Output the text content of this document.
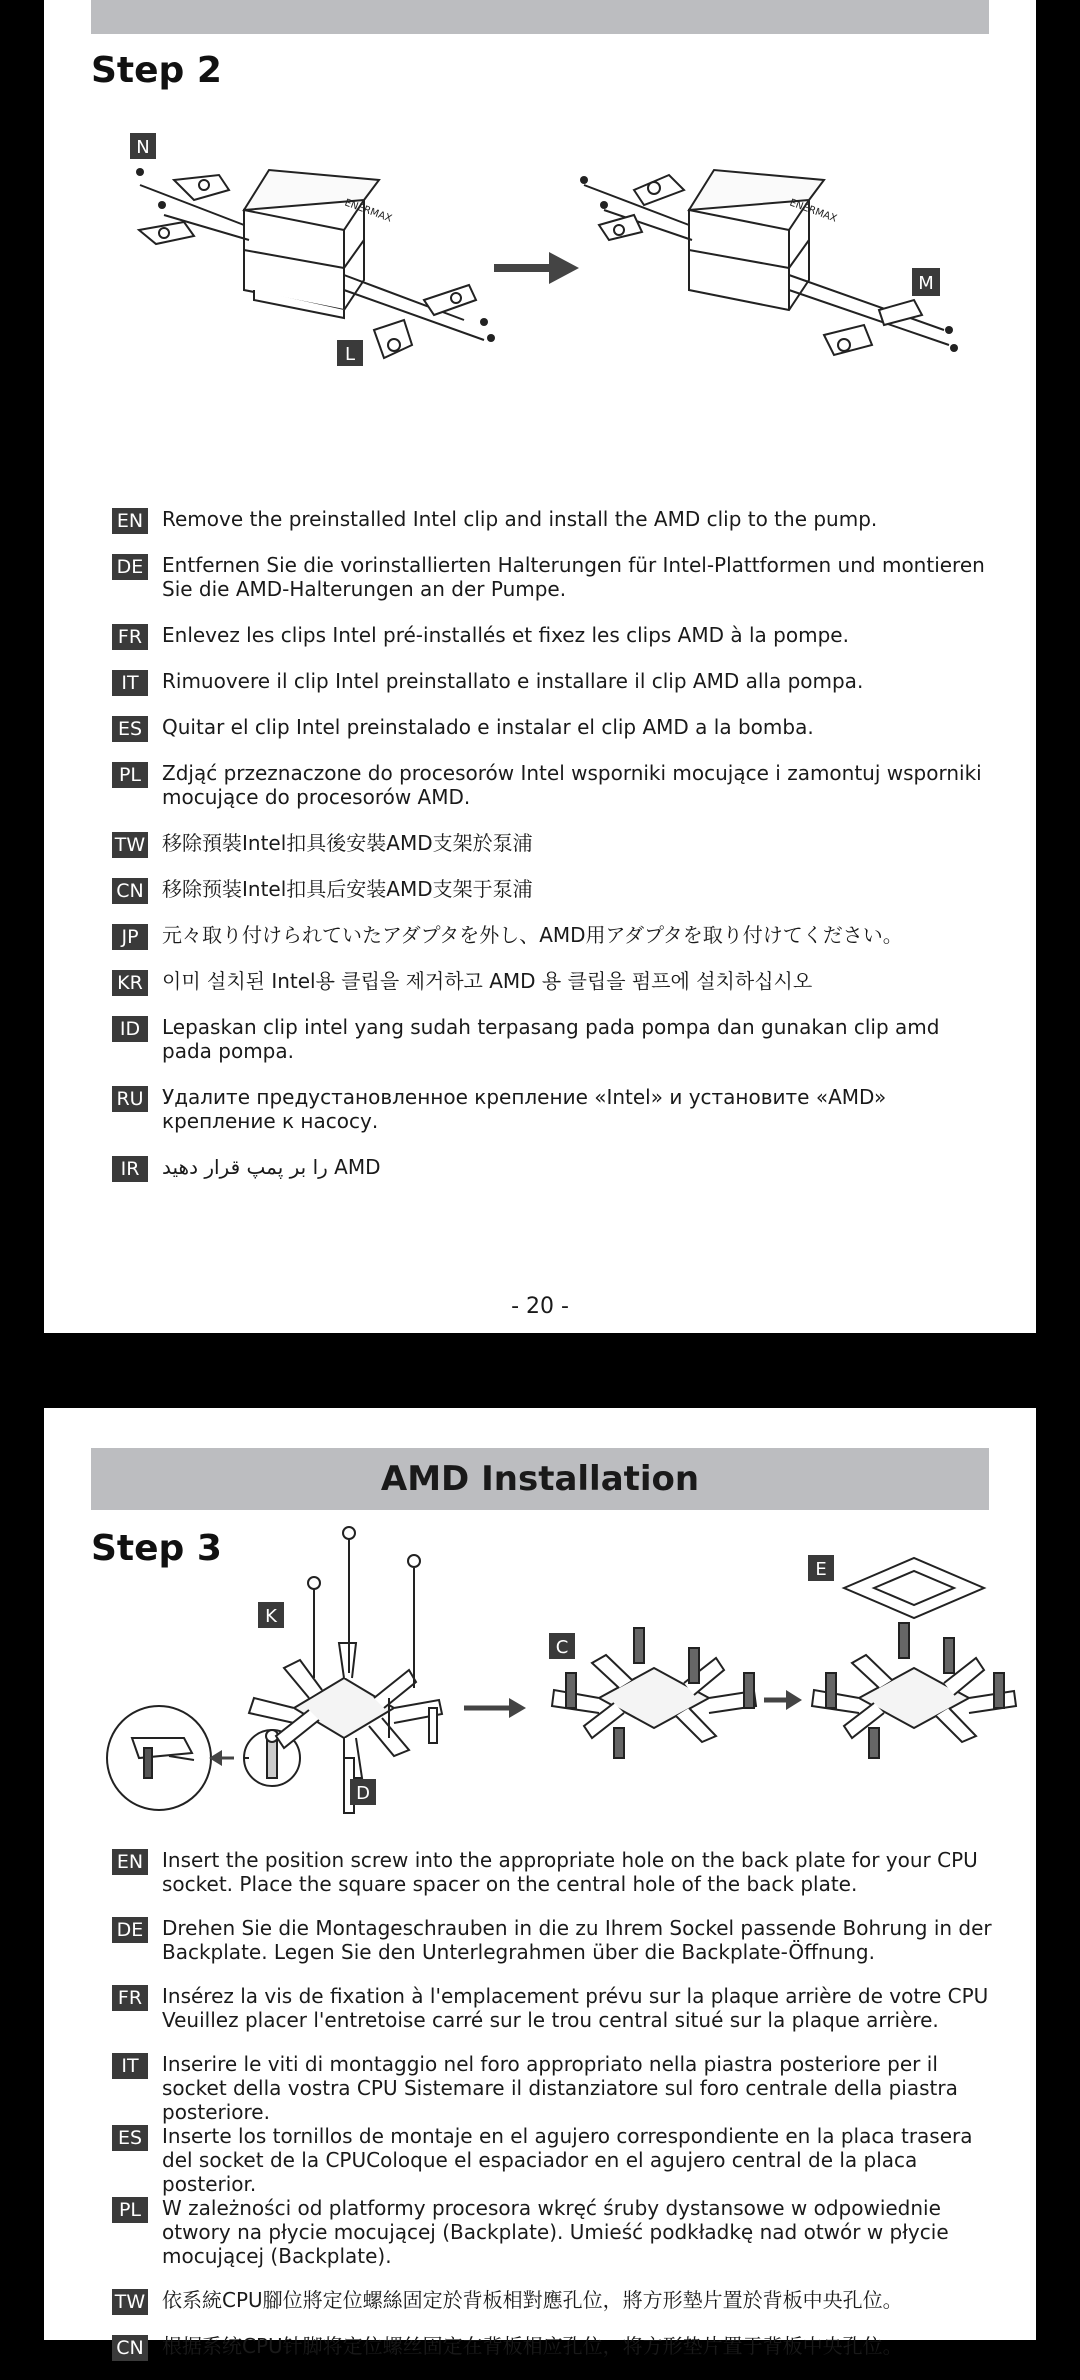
Step 2
ENERMAX	ENERMAX
N
L
M
EN Remove the preinstalled Intel clip and install the AMD clip to the pump.
DE Entfernen Sie die vorinstallierten Halterungen für Intel-Plattformen und montieren Sie die AMD-Halterungen an der Pumpe.
FR Enlevez les clips Intel pré-installés et fixez les clips AMD à la pompe.
IT	Rimuovere il clip Intel preinstallato e installare il clip AMD alla pompa.
ES Quitar el clip Intel preinstalado e instalar el clip AMD a la bomba.
PL	Zdjąć przeznaczone do procesorów Intel wsporniki mocujące i zamontuj wsporniki mocujące do procesorów AMD.
TW 移除預裝Intel扣具後安裝AMD支架於泵浦
CN 移除预装Intel扣具后安装AMD支架于泵浦
JP	元々取り付けられていたアダプタを外し、AMD用アダプタを取り付けてください。
KR 이미 설치된 Intel용 클립을 제거하고 AMD 용 클립을 펌프에 설치하십시오
ID	Lepaskan clip intel yang sudah terpasang pada pompa dan gunakan clip amd pada pompa.
RU Удалите предустановленное крепление «Intel» и установите «AMD» крепление к насосу.
IR	AMD را بر پمپ قرار دهید
- 20 -
AMD Installation
Step 3
K
C
E
D
EN Insert the position screw into the appropriate hole on the back plate for your CPU socket. Place the square spacer on the central hole of the back plate.
DE Drehen Sie die Montageschrauben in die zu Ihrem Sockel passende Bohrung in der Backplate. Legen Sie den Unterlegrahmen über die Backplate-Öffnung.
FR Insérez la vis de fixation à l'emplacement prévu sur la plaque arrière de votre CPU Veuillez placer l'entretoise carré sur le trou central situé sur la plaque arrière.
IT	Inserire le viti di montaggio nel foro appropriato nella piastra posteriore per il socket della vostra CPU Sistemare il distanziatore sul foro centrale della piastra posteriore.
ES Inserte los tornillos de montaje en el agujero correspondiente en la placa trasera del socket de la CPUColoque el espaciador en el agujero central de la placa posterior.
PL	W zależności od platformy procesora wkręć śruby dystansowe w odpowiednie otwory na płycie mocującej (Backplate). Umieść podkładkę nad otwór w płycie mocującej (Backplate).
TW 依系統CPU腳位將定位螺絲固定於背板相對應孔位，將方形墊片置於背板中央孔位。
CN 根据系统CPU针脚将定位螺丝固定在背板相应孔位，将方形垫片置于背板中央孔位。
